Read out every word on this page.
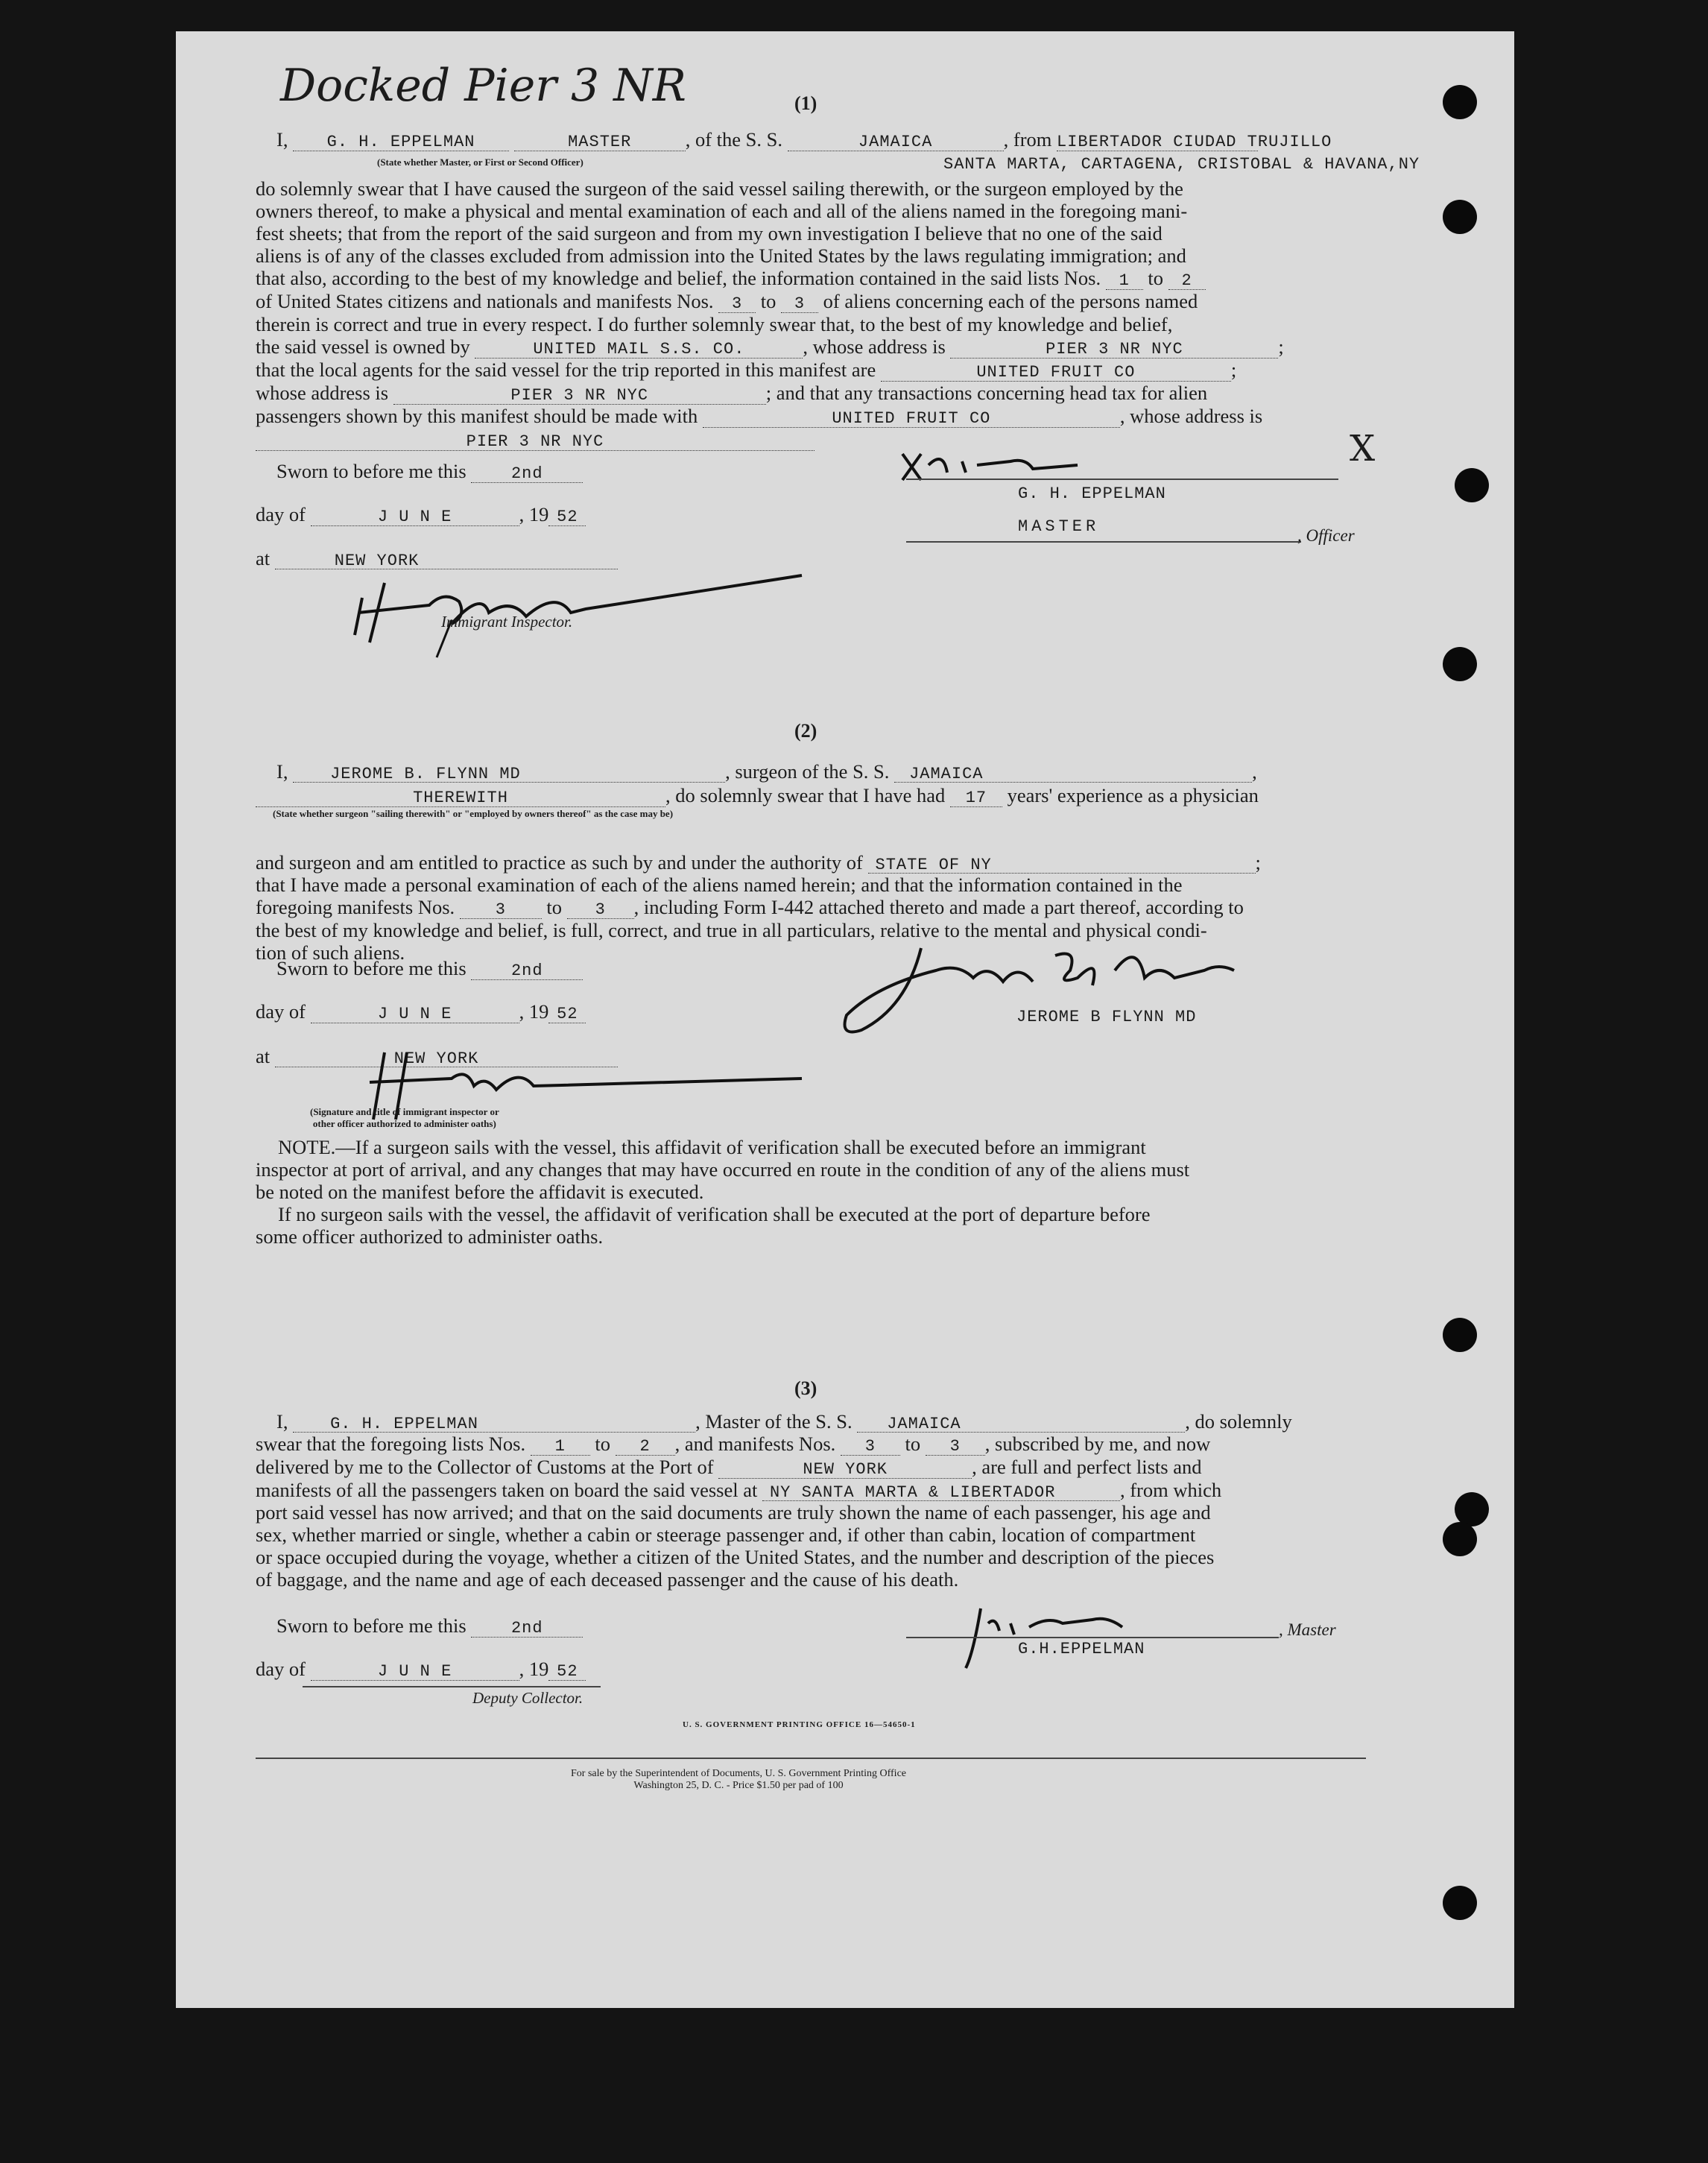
Docked Pier 3 NR	(1)
I, G. H. EPPELMAN	MASTER	, of the S. S.	JAMAICA	, from LIBERTADOR CIUDAD TRUJILLO
(State whether Master, or First or Second Officer)	SANTA MARTA, CARTAGENA, CRISTOBAL & HAVANA,NY
do solemnly swear that I have caused the surgeon of the said vessel sailing therewith, or the surgeon employed by the
owners thereof, to make a physical and mental examination of each and all of the aliens named in the foregoing mani-
fest sheets; that from the report of the said surgeon and from my own investigation I believe that no one of the said
aliens is of any of the classes excluded from admission into the United States by the laws regulating immigration; and
that also, according to the best of my knowledge and belief, the information contained in the said lists Nos. 1 to 2
of United States citizens and nationals and manifests Nos. 3 to 3 of aliens concerning each of the persons named
therein is correct and true in every respect. I do further solemnly swear that, to the best of my knowledge and belief,
the said vessel is owned by	UNITED MAIL S.S. CO.	, whose address is	PIER 3 NR NYC	;
that the local agents for the said vessel for the trip reported in this manifest are	UNITED FRUIT CO	;
whose address is	PIER 3 NR NYC	; and that any transactions concerning head tax for alien
passengers shown by this manifest should be made with	UNITED FRUIT CO	, whose address is
PIER 3 NR NYC
Sworn to before me this	2nd
day of	J U N E	, 19 52
at	NEW YORK
Immigrant Inspector.
X
G. H. EPPELMAN
MASTER	, Officer
(2)
I,	JEROME B. FLYNN MD	, surgeon of the S. S. JAMAICA	,
THEREWITH	, do solemnly swear that I have had 17 years' experience as a physician
(State whether surgeon "sailing therewith" or "employed by owners thereof" as the case may be)
and surgeon and am entitled to practice as such by and under the authority of STATE OF NY	;
that I have made a personal examination of each of the aliens named herein; and that the information contained in the
foregoing manifests Nos. 3 to 3 , including Form I-442 attached thereto and made a part thereof, according to
the best of my knowledge and belief, is full, correct, and true in all particulars, relative to the mental and physical condi-
tion of such aliens.
Sworn to before me this	2nd
day of	J U N E	, 19 52
at	NEW YORK
(Signature and title of immigrant inspector or
other officer authorized to administer oaths)
JEROME B FLYNN MD
NOTE.—If a surgeon sails with the vessel, this affidavit of verification shall be executed before an immigrant
inspector at port of arrival, and any changes that may have occurred en route in the condition of any of the aliens must
be noted on the manifest before the affidavit is executed.
If no surgeon sails with the vessel, the affidavit of verification shall be executed at the port of departure before
some officer authorized to administer oaths.
(3)
I,	G. H. EPPELMAN	, Master of the S. S. JAMAICA	, do solemnly
swear that the foregoing lists Nos. 1 to 2 , and manifests Nos. 3 to 3 , subscribed by me, and now
delivered by me to the Collector of Customs at the Port of	NEW YORK	, are full and perfect lists and
manifests of all the passengers taken on board the said vessel at NY SANTA MARTA & LIBERTADOR	, from which
port said vessel has now arrived; and that on the said documents are truly shown the name of each passenger, his age and
sex, whether married or single, whether a cabin or steerage passenger and, if other than cabin, location of compartment
or space occupied during the voyage, whether a citizen of the United States, and the number and description of the pieces
of baggage, and the name and age of each deceased passenger and the cause of his death.
Sworn to before me this	2nd
day of	J U N E	, 19 52
Deputy Collector.
, Master
G.H.EPPELMAN
U. S. GOVERNMENT PRINTING OFFICE 16—54650-1
For sale by the Superintendent of Documents, U. S. Government Printing Office
Washington 25, D. C. - Price $1.50 per pad of 100
